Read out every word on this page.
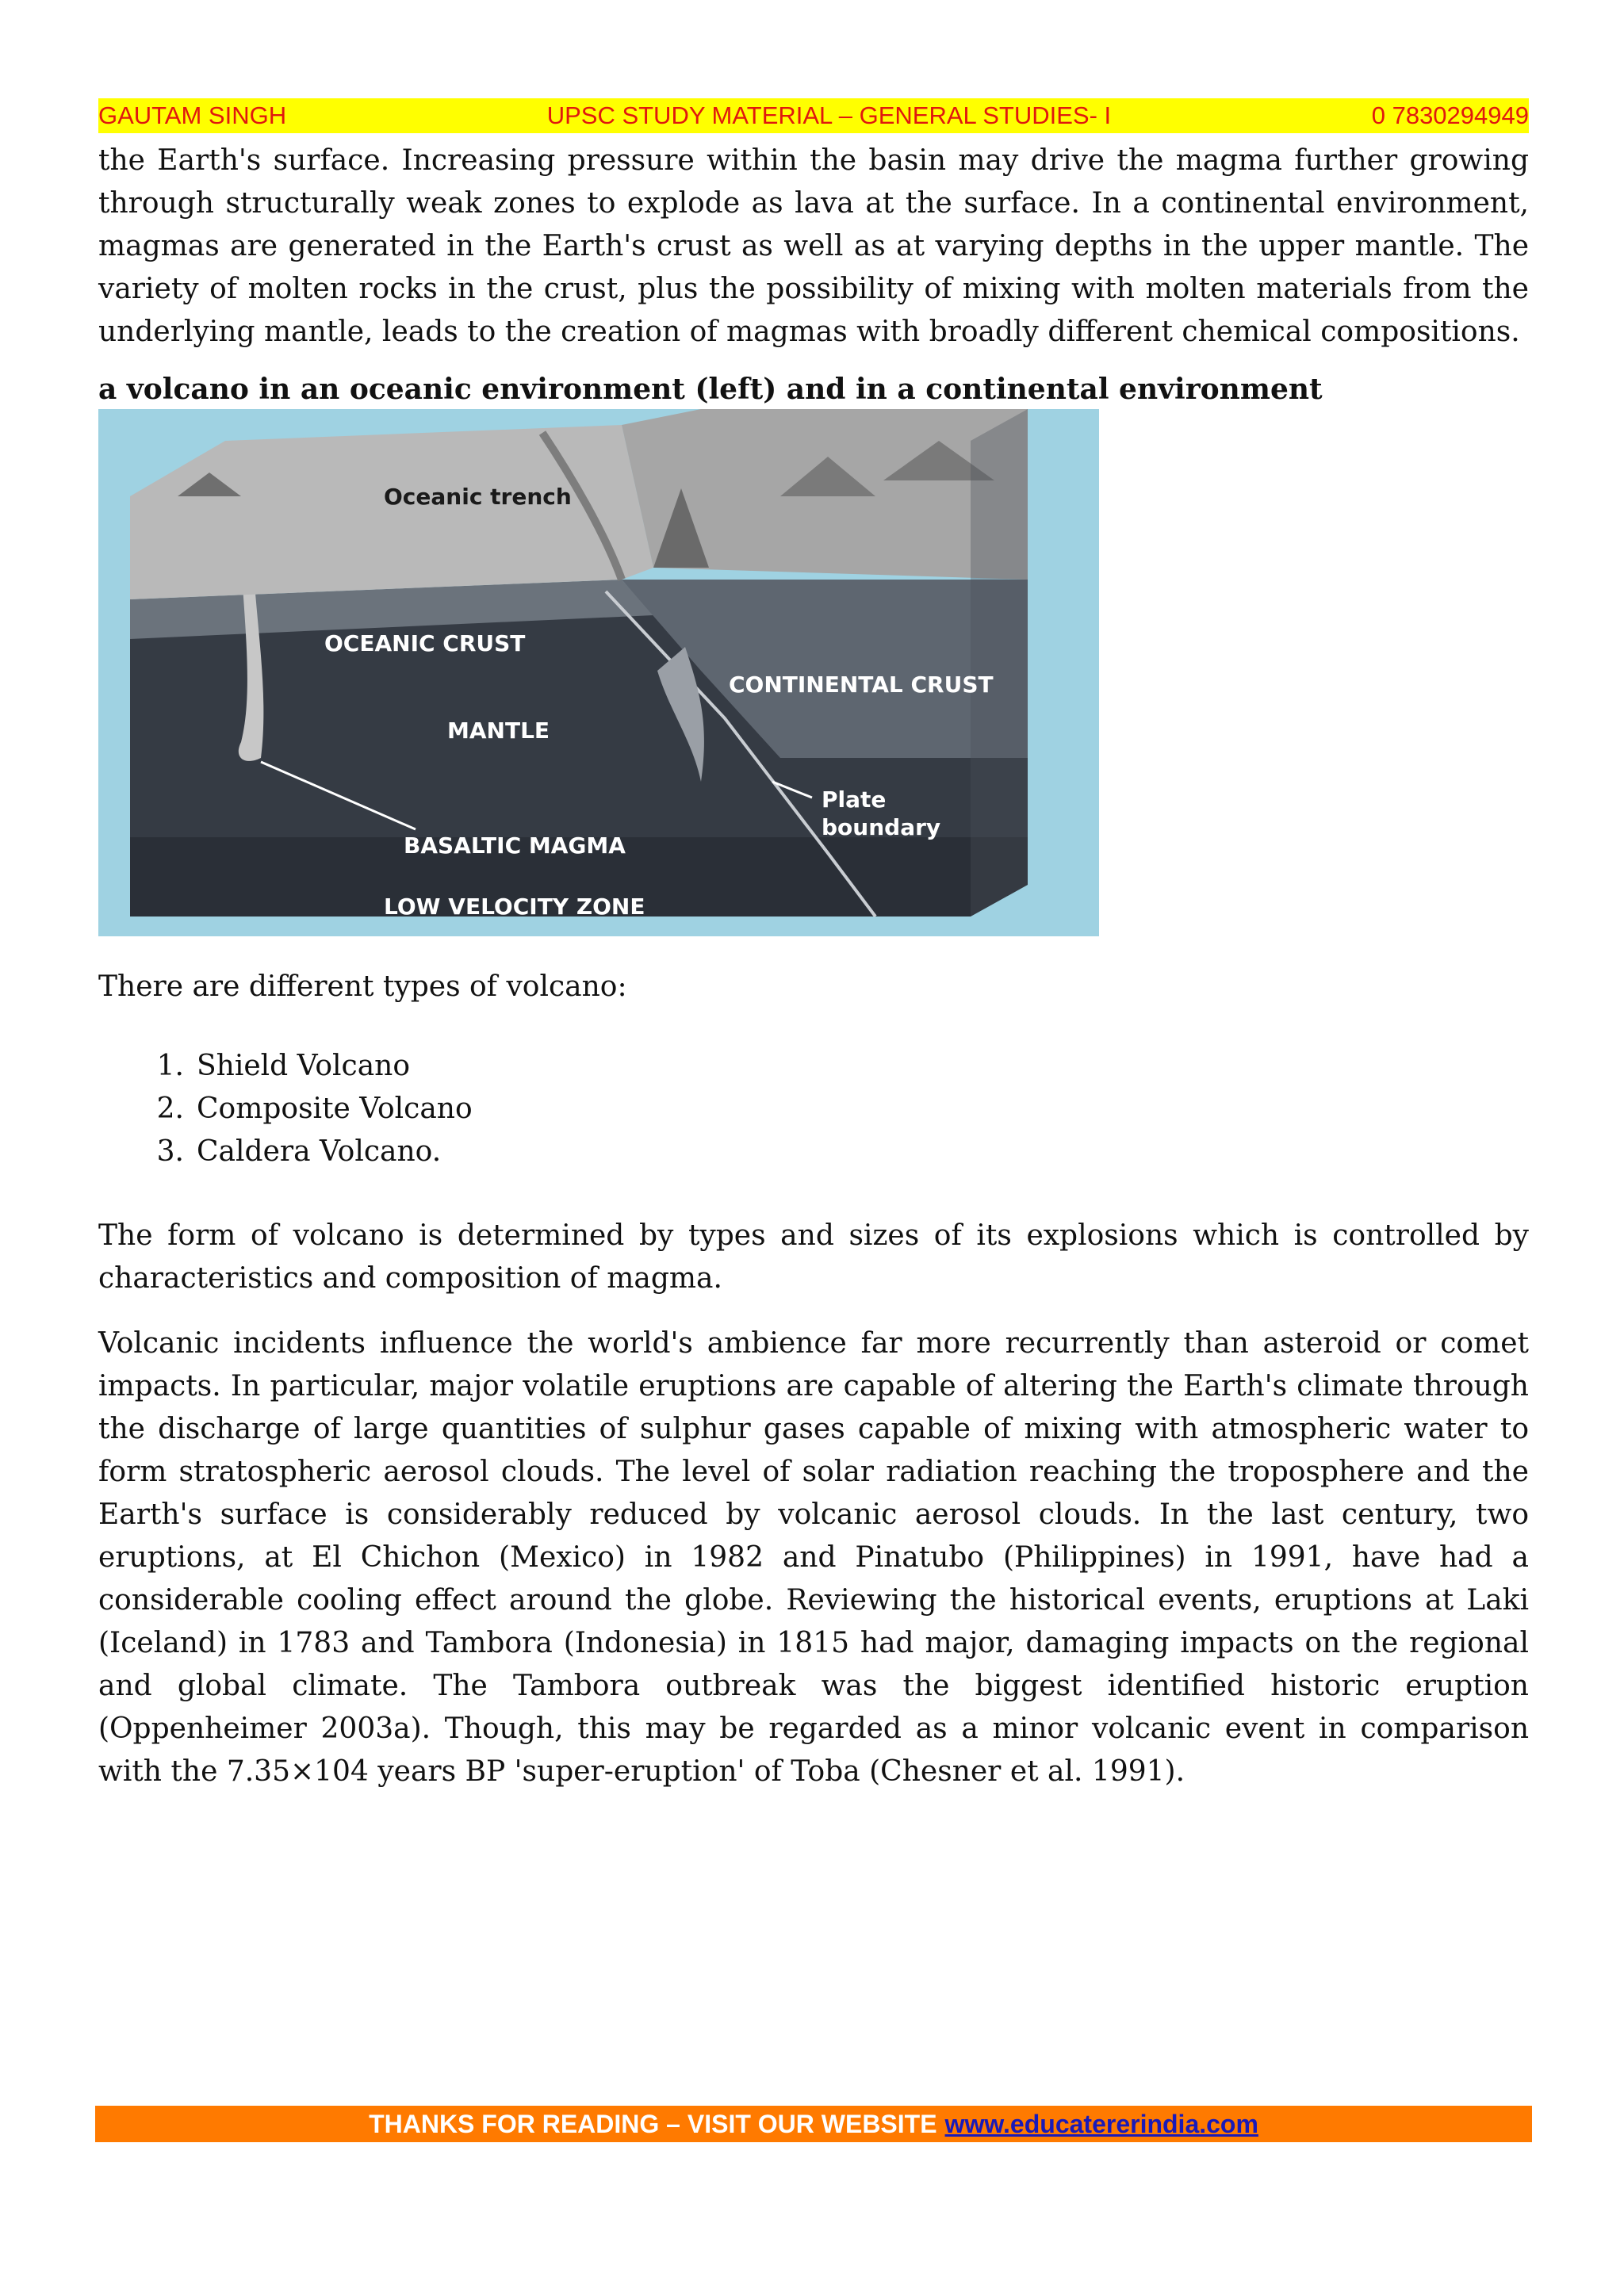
GAUTAM SINGH	UPSC STUDY MATERIAL – GENERAL STUDIES- I	0 7830294949
the Earth's surface. Increasing pressure within the basin may drive the magma further growing through structurally weak zones to explode as lava at the surface. In a continental environment, magmas are generated in the Earth's crust as well as at varying depths in the upper mantle. The variety of molten rocks in the crust, plus the possibility of mixing with molten materials from the underlying mantle, leads to the creation of magmas with broadly different chemical compositions.
a volcano in an oceanic environment (left) and in a continental environment
Oceanic trench
OCEANIC CRUST
CONTINENTAL CRUST
MANTLE
Plate
boundary
BASALTIC MAGMA
LOW VELOCITY ZONE
There are different types of volcano:
1. Shield Volcano
2. Composite Volcano
3. Caldera Volcano.
The form of volcano is determined by types and sizes of its explosions which is controlled by characteristics and composition of magma.
Volcanic incidents influence the world's ambience far more recurrently than asteroid or comet impacts. In particular, major volatile eruptions are capable of altering the Earth's climate through the discharge of large quantities of sulphur gases capable of mixing with atmospheric water to form stratospheric aerosol clouds. The level of solar radiation reaching the troposphere and the Earth's surface is considerably reduced by volcanic aerosol clouds. In the last century, two eruptions, at El Chichon (Mexico) in 1982 and Pinatubo (Philippines) in 1991, have had a considerable cooling effect around the globe. Reviewing the historical events, eruptions at Laki (Iceland) in 1783 and Tambora (Indonesia) in 1815 had major, damaging impacts on the regional and global climate. The Tambora outbreak was the biggest identified historic eruption (Oppenheimer 2003a). Though, this may be regarded as a minor volcanic event in comparison with the 7.35×104 years BP 'super-eruption' of Toba (Chesner et al. 1991).
THANKS FOR READING – VISIT OUR WEBSITE www.educatererindia.com
